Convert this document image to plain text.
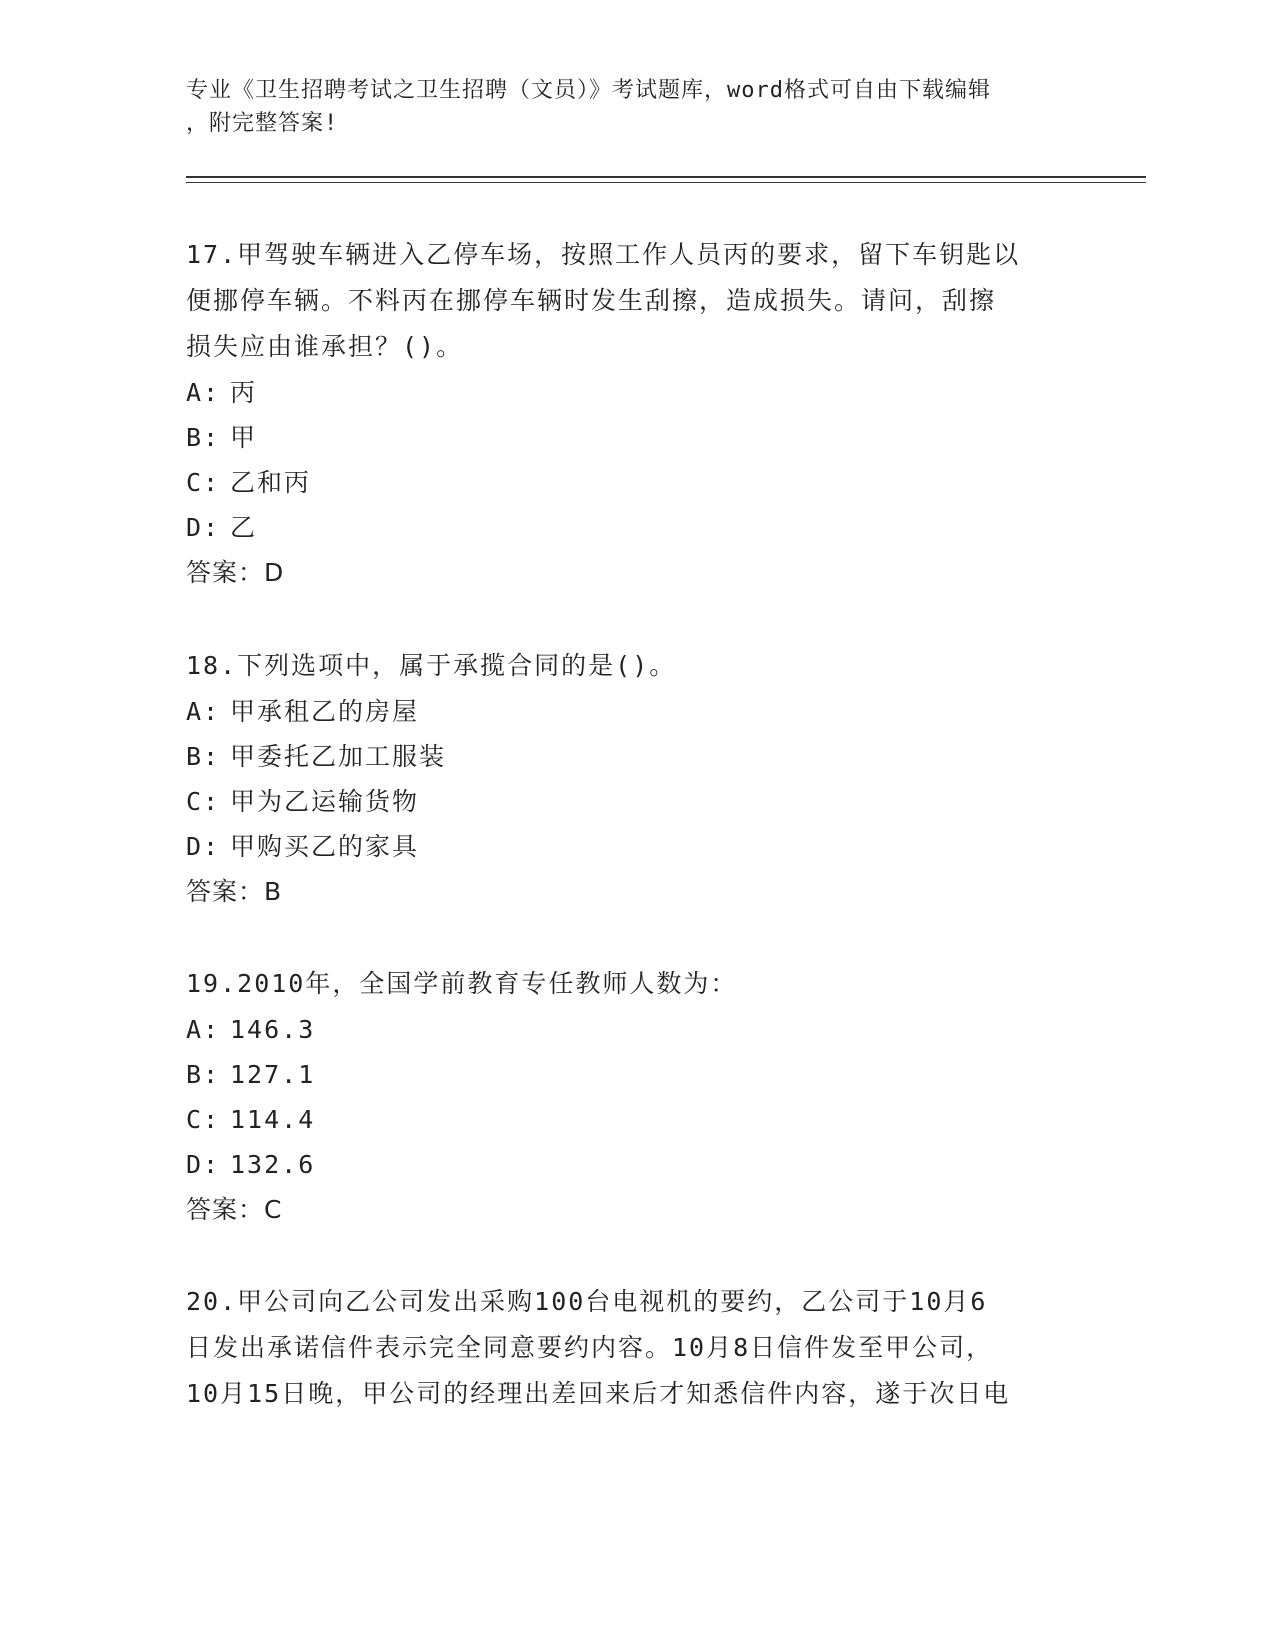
专业《卫生招聘考试之卫生招聘（文员）》考试题库，word格式可自由下载编辑
，附完整答案!
17.甲驾驶车辆进入乙停车场，按照工作人员丙的要求，留下车钥匙以
便挪停车辆。不料丙在挪停车辆时发生刮擦，造成损失。请问，刮擦
损失应由谁承担？()。
A: 丙
B: 甲
C: 乙和丙
D: 乙
答案：D
18.下列选项中，属于承揽合同的是()。
A: 甲承租乙的房屋
B: 甲委托乙加工服装
C: 甲为乙运输货物
D: 甲购买乙的家具
答案：B
19.2010年，全国学前教育专任教师人数为：
A: 146.3
B: 127.1
C: 114.4
D: 132.6
答案：C
20.甲公司向乙公司发出采购100台电视机的要约，乙公司于10月6
日发出承诺信件表示完全同意要约内容。10月8日信件发至甲公司，
10月15日晚，甲公司的经理出差回来后才知悉信件内容，遂于次日电
